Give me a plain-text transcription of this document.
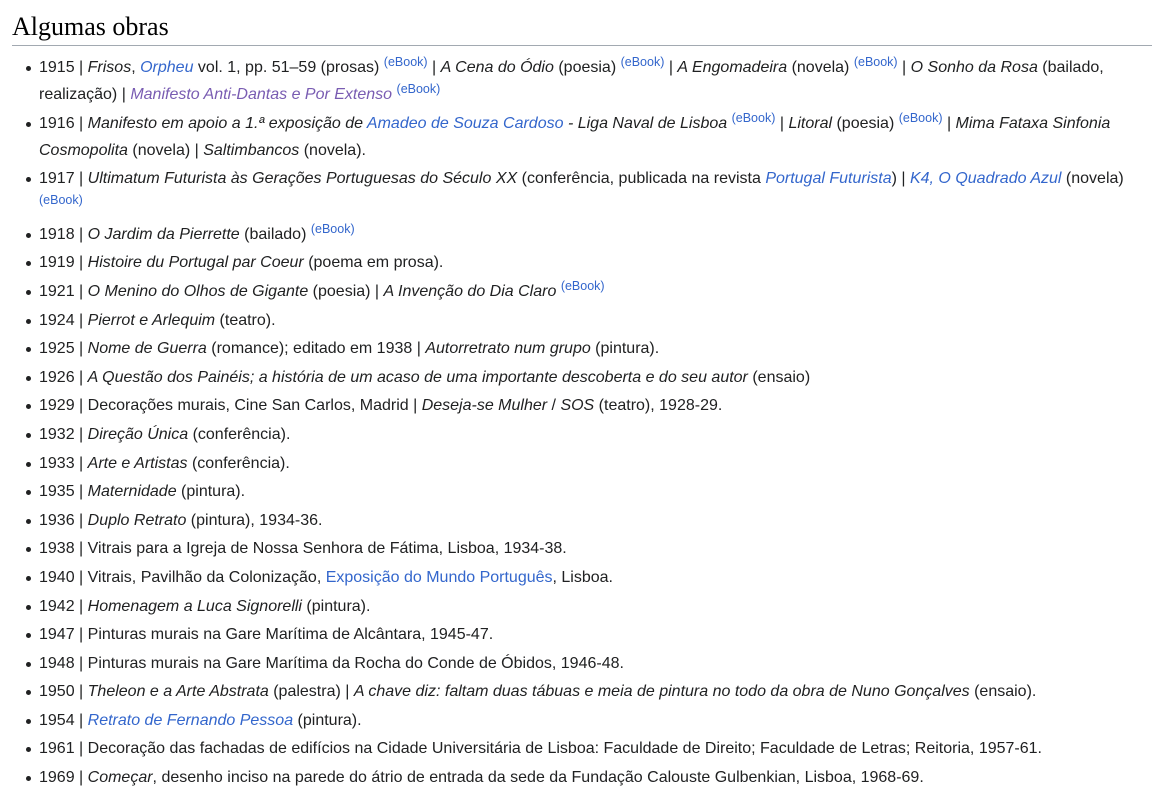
Algumas obras
1915 | Frisos, Orpheu vol. 1, pp. 51–59 (prosas) $^{(eBook)}$ | A Cena do Ódio (poesia) $^{(eBook)}$ | A Engomadeira (novela) $^{(eBook)}$ | O Sonho da Rosa (bailado, realização) | Manifesto Anti-Dantas e Por Extenso $^{(eBook)}$
1916 | Manifesto em apoio a 1.ª exposição de Amadeo de Souza Cardoso - Liga Naval de Lisboa $^{(eBook)}$ | Litoral (poesia) $^{(eBook)}$ | Mima Fataxa Sinfonia Cosmopolita (novela) | Saltimbancos (novela).
1917 | Ultimatum Futurista às Gerações Portuguesas do Século XX (conferência, publicada na revista Portugal Futurista) | K4, O Quadrado Azul (novela) $^{(eBook)}$
1918 | O Jardim da Pierrette (bailado) $^{(eBook)}$
1919 | Histoire du Portugal par Coeur (poema em prosa).
1921 | O Menino do Olhos de Gigante (poesia) | A Invenção do Dia Claro $^{(eBook)}$
1924 | Pierrot e Arlequim (teatro).
1925 | Nome de Guerra (romance); editado em 1938 | Autorretrato num grupo (pintura).
1926 | A Questão dos Painéis; a história de um acaso de uma importante descoberta e do seu autor (ensaio)
1929 | Decorações murais, Cine San Carlos, Madrid | Deseja-se Mulher / SOS (teatro), 1928-29.
1932 | Direção Única (conferência).
1933 | Arte e Artistas (conferência).
1935 | Maternidade (pintura).
1936 | Duplo Retrato (pintura), 1934-36.
1938 | Vitrais para a Igreja de Nossa Senhora de Fátima, Lisboa, 1934-38.
1940 | Vitrais, Pavilhão da Colonização, Exposição do Mundo Português, Lisboa.
1942 | Homenagem a Luca Signorelli (pintura).
1947 | Pinturas murais na Gare Marítima de Alcântara, 1945-47.
1948 | Pinturas murais na Gare Marítima da Rocha do Conde de Óbidos, 1946-48.
1950 | Theleon e a Arte Abstrata (palestra) | A chave diz: faltam duas tábuas e meia de pintura no todo da obra de Nuno Gonçalves (ensaio).
1954 | Retrato de Fernando Pessoa (pintura).
1961 | Decoração das fachadas de edifícios na Cidade Universitária de Lisboa: Faculdade de Direito; Faculdade de Letras; Reitoria, 1957-61.
1969 | Começar, desenho inciso na parede do átrio de entrada da sede da Fundação Calouste Gulbenkian, Lisboa, 1968-69.
